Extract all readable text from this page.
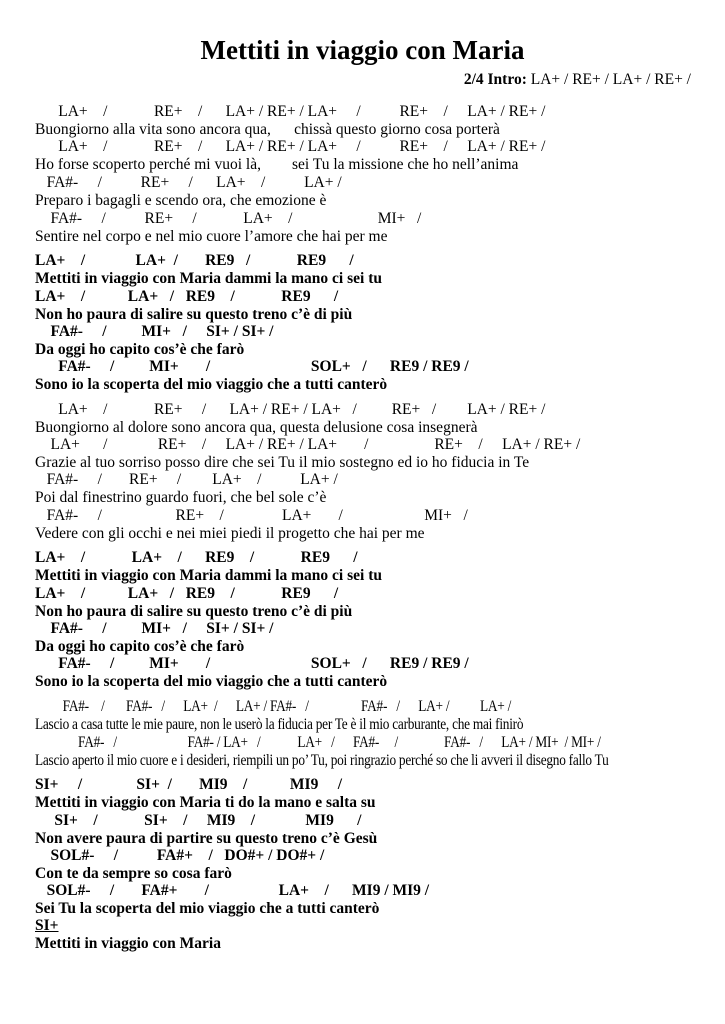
Mettiti in viaggio con Maria
2/4 Intro: LA+ / RE+ / LA+ / RE+ /
LA+    /            RE+    /      LA+ / RE+ / LA+     /          RE+    /     LA+ / RE+ /
Buongiorno alla vita sono ancora qua,      chissà questo giorno cosa porterà
LA+    /            RE+    /      LA+ / RE+ / LA+     /          RE+    /     LA+ / RE+ /
Ho forse scoperto perché mi vuoi là,        sei Tu la missione che ho nell’anima
FA#-     /          RE+     /      LA+    /          LA+ /
Preparo i bagagli e scendo ora, che emozione è
FA#-     /          RE+     /            LA+    /                      MI+   /
Sentire nel corpo e nel mio cuore l’amore che hai per me
LA+    /             LA+  /       RE9   /            RE9      /
Mettiti in viaggio con Maria dammi la mano ci sei tu
LA+    /           LA+   /   RE9    /            RE9      /
Non ho paura di salire su questo treno c’è di più
FA#-     /         MI+   /     SI+ / SI+ /
Da oggi ho capito cos’è che farò
FA#-     /         MI+       /                          SOL+   /      RE9 / RE9 /
Sono io la scoperta del mio viaggio che a tutti canterò
LA+    /            RE+     /      LA+ / RE+ / LA+   /         RE+   /        LA+ / RE+ /
Buongiorno al dolore sono ancora qua, questa delusione cosa insegnerà
LA+      /             RE+    /     LA+ / RE+ / LA+       /                 RE+    /     LA+ / RE+ /
Grazie al tuo sorriso posso dire che sei Tu il mio sostegno ed io ho fiducia in Te
FA#-     /       RE+     /        LA+    /          LA+ /
Poi dal finestrino guardo fuori, che bel sole c’è
FA#-     /                   RE+    /               LA+       /                     MI+   /
Vedere con gli occhi e nei miei piedi il progetto che hai per me
LA+    /            LA+    /      RE9    /            RE9      /
Mettiti in viaggio con Maria dammi la mano ci sei tu
LA+    /           LA+   /   RE9    /            RE9      /
Non ho paura di salire su questo treno c’è di più
FA#-     /         MI+   /     SI+ / SI+ /
Da oggi ho capito cos’è che farò
FA#-     /         MI+       /                          SOL+   /      RE9 / RE9 /
Sono io la scoperta del mio viaggio che a tutti canterò
FA#-    /       FA#-   /      LA+  /      LA+ / FA#-   /                 FA#-   /      LA+ /          LA+ /
Lascio a casa tutte le mie paure, non le userò la fiducia per Te è il mio carburante, che mai finirò
FA#-   /                       FA#- / LA+   /            LA+   /      FA#-     /               FA#-   /      LA+ / MI+  / MI+ /
Lascio aperto il mio cuore e i desideri, riempili un po’ Tu, poi ringrazio perché so che li avveri il disegno fallo Tu
SI+     /              SI+  /       MI9    /           MI9     /
Mettiti in viaggio con Maria ti do la mano e salta su
SI+    /            SI+    /     MI9    /             MI9      /
Non avere paura di partire su questo treno c’è Gesù
SOL#-     /          FA#+    /   DO#+ / DO#+ /
Con te da sempre so cosa farò
SOL#-     /       FA#+       /                  LA+    /      MI9 / MI9 /
Sei Tu la scoperta del mio viaggio che a tutti canterò
SI+
Mettiti in viaggio con Maria
